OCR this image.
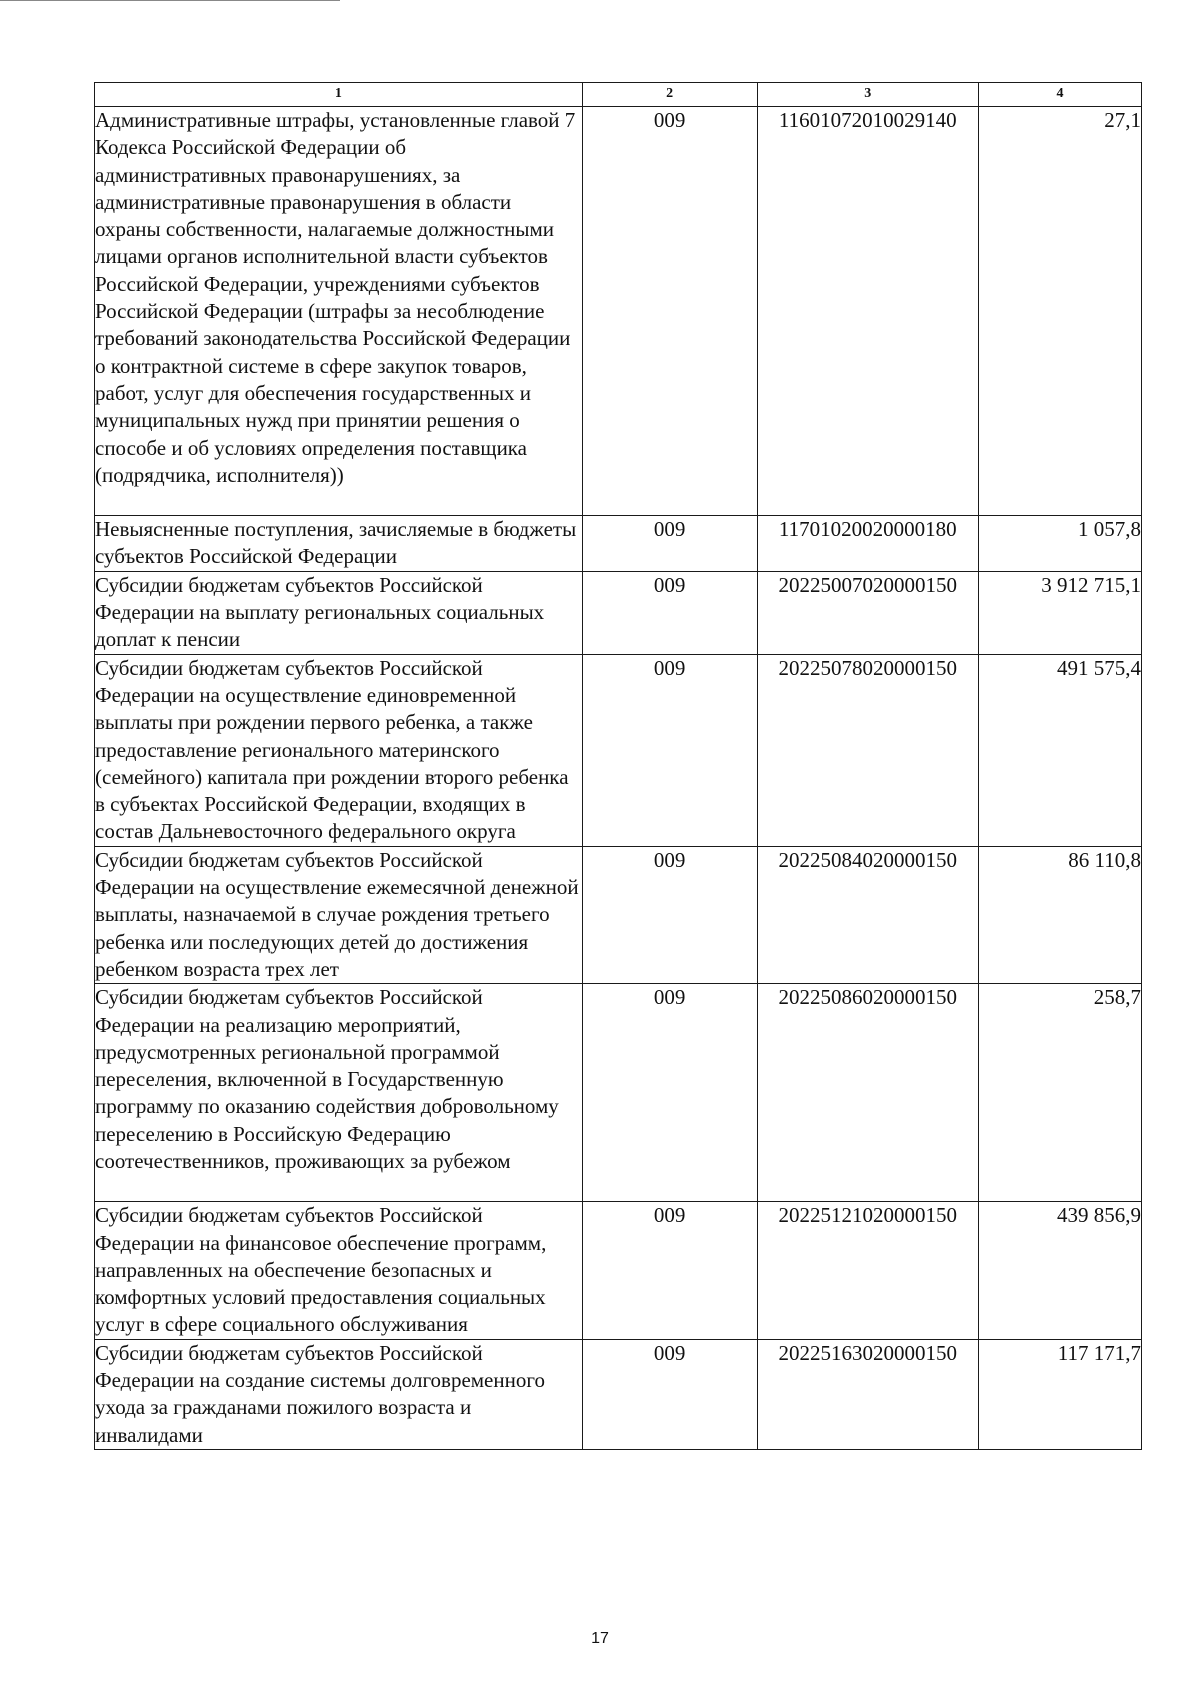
1	2	3	4

Административные штрафы, установленные главой 7 Кодекса Российской Федерации об административных правонарушениях, за административные правонарушения в области охраны собственности, налагаемые должностными лицами органов исполнительной власти субъектов Российской Федерации, учреждениями субъектов Российской Федерации (штрафы за несоблюдение требований законодательства Российской Федерации о контрактной системе в сфере закупок товаров, работ, услуг для обеспечения государственных и муниципальных нужд при принятии решения о способе и об условиях определения поставщика (подрядчика, исполнителя))	009	11601072010029140	27,1
Невыясненные поступления, зачисляемые в бюджеты субъектов Российской Федерации	009	11701020020000180	1 057,8
Субсидии бюджетам субъектов Российской Федерации на выплату региональных социальных доплат к пенсии	009	20225007020000150	3 912 715,1
Субсидии бюджетам субъектов Российской Федерации на осуществление единовременной выплаты при рождении первого ребенка, а также предоставление регионального материнского (семейного) капитала при рождении второго ребенка в субъектах Российской Федерации, входящих в состав Дальневосточного федерального округа	009	20225078020000150	491 575,4
Субсидии бюджетам субъектов Российской Федерации на осуществление ежемесячной денежной выплаты, назначаемой в случае рождения третьего ребенка или последующих детей до достижения ребенком возраста трех лет	009	20225084020000150	86 110,8

Субсидии бюджетам субъектов Российской Федерации на реализацию мероприятий, предусмотренных региональной программой переселения, включенной в Государственную программу по оказанию содействия добровольному переселению в Российскую Федерацию соотечественников, проживающих за рубежом	009	20225086020000150	258,7
Субсидии бюджетам субъектов Российской Федерации на финансовое обеспечение программ, направленных на обеспечение безопасных и комфортных условий предоставления социальных услуг в сфере социального обслуживания	009	20225121020000150	439 856,9
Субсидии бюджетам субъектов Российской Федерации на создание системы долговременного ухода за гражданами пожилого возраста и инвалидами	009	20225163020000150	117 171,7
17
